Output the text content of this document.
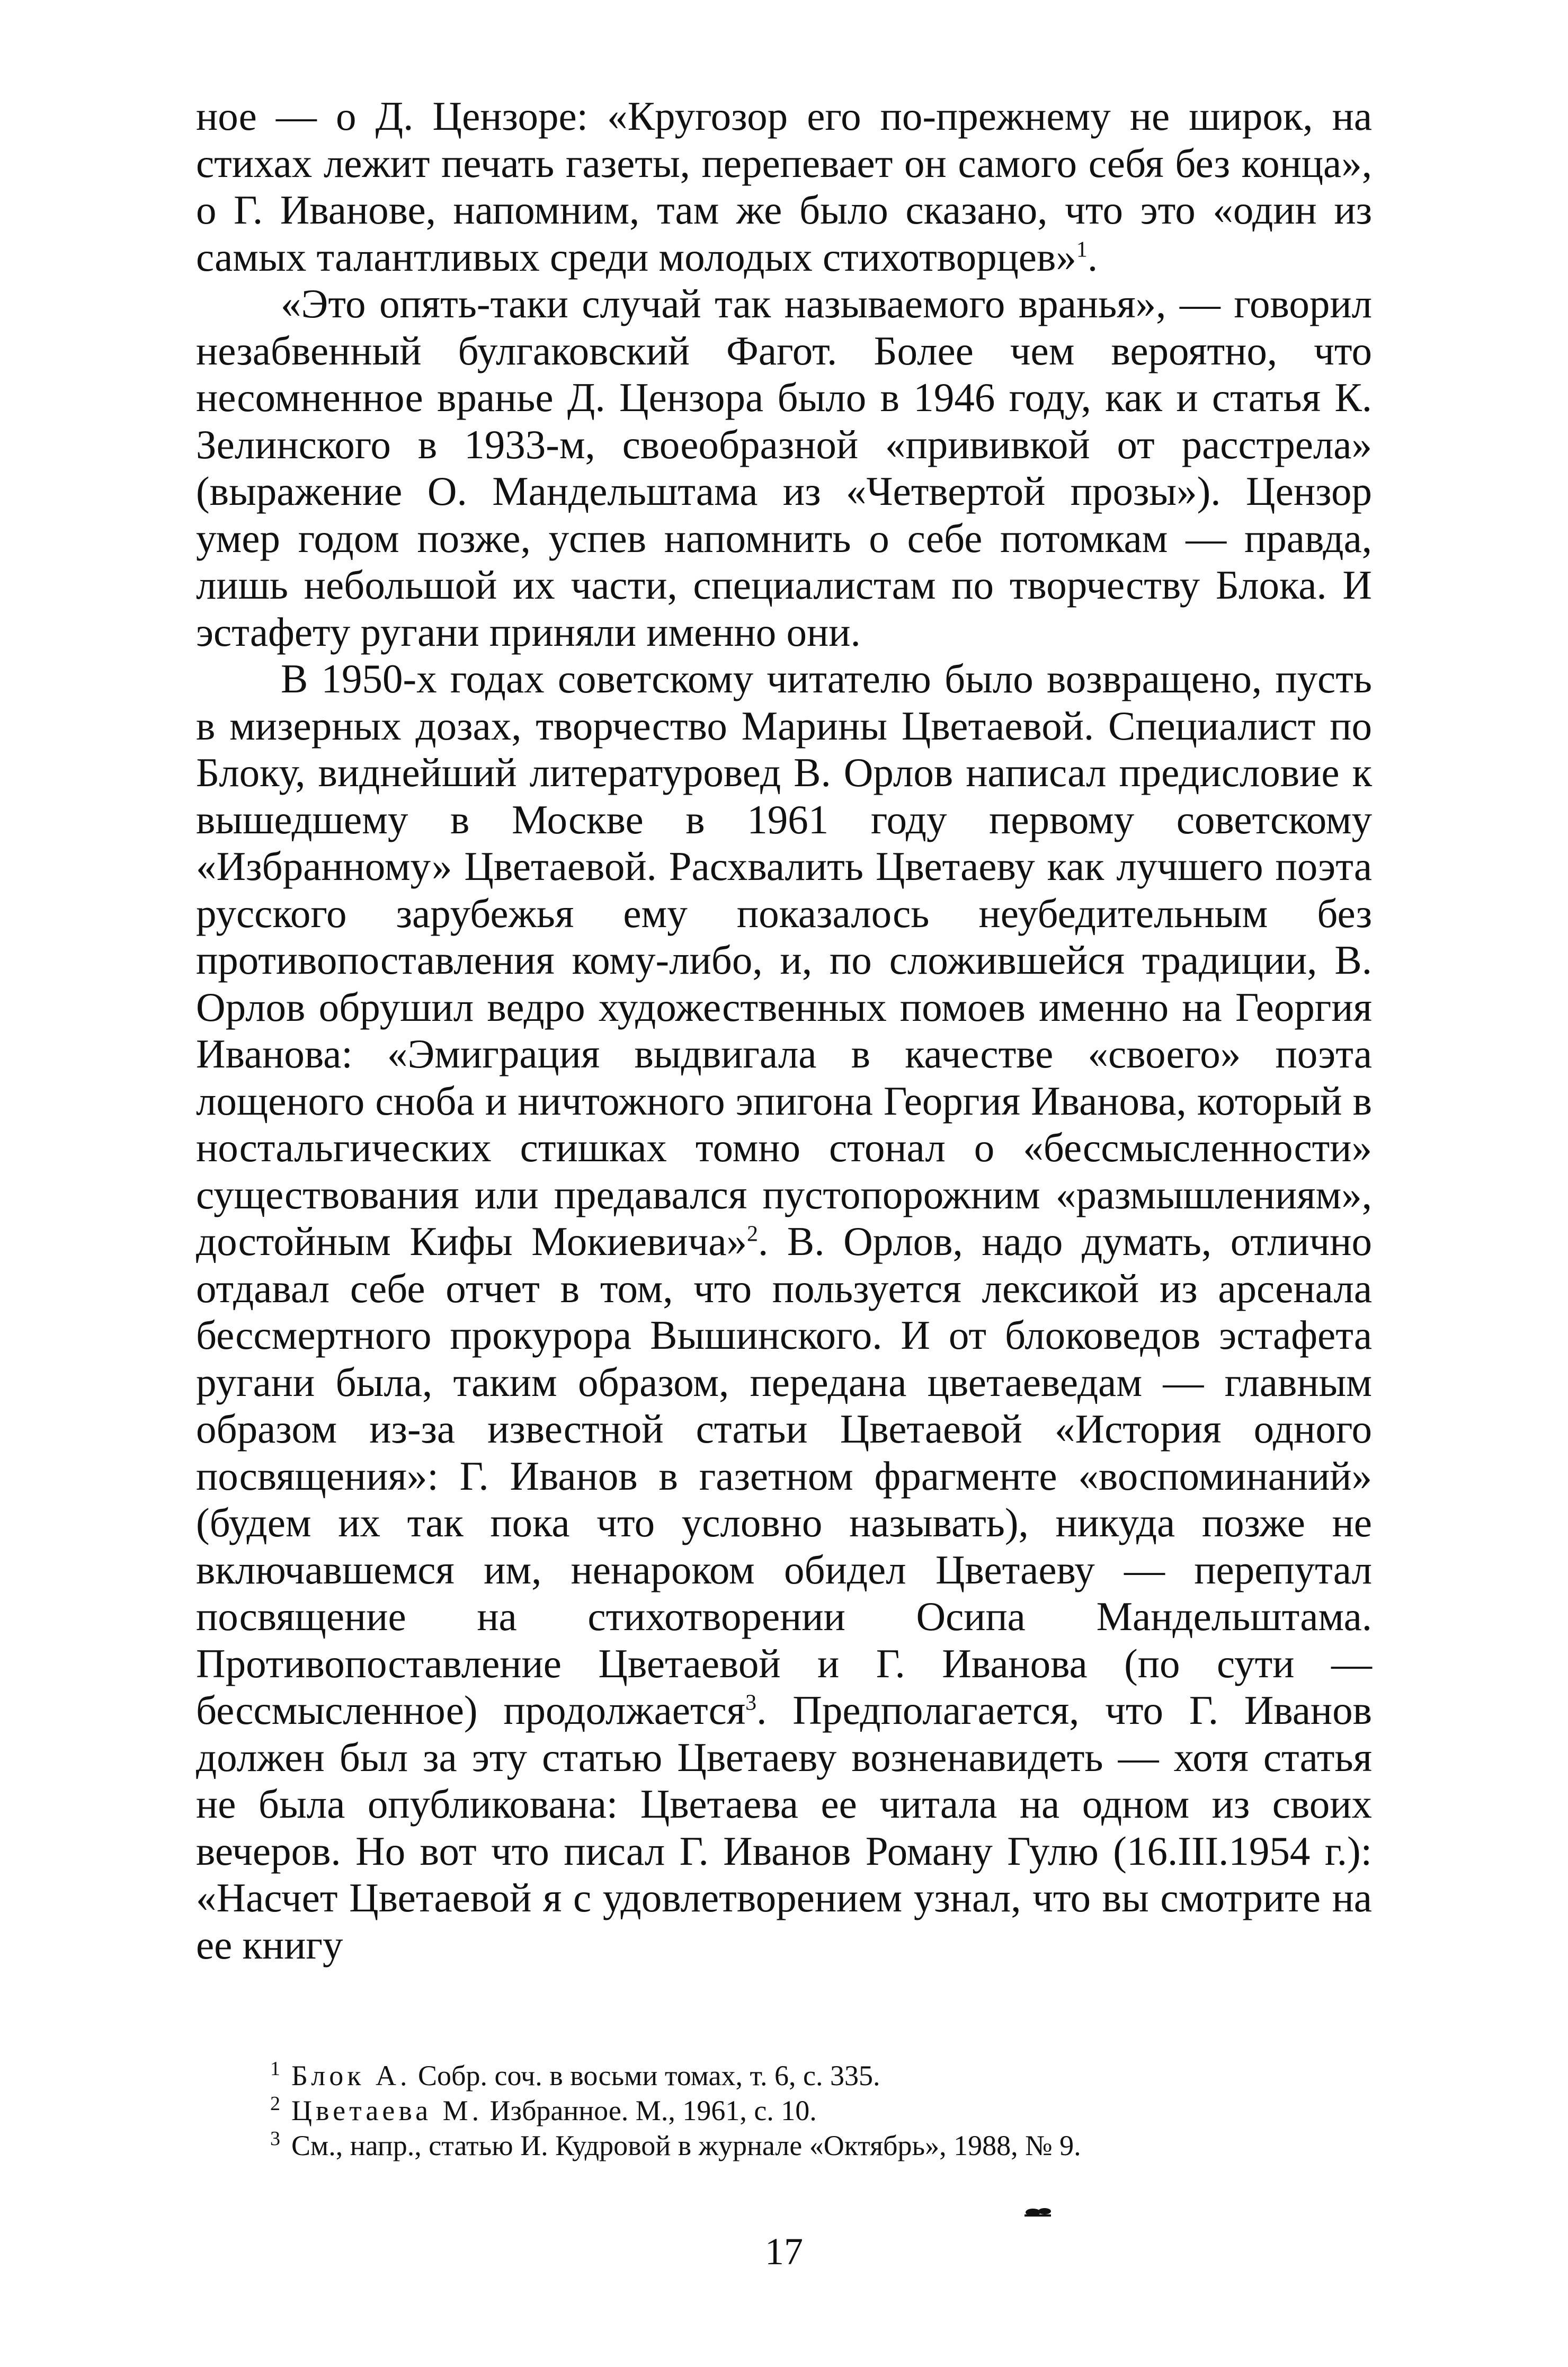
ное — о Д. Цензоре: «Кругозор его по-прежнему не широк, на стихах лежит печать газеты, перепевает он самого себя без конца», о Г. Иванове, напомним, там же было сказано, что это «один из самых талантливых среди молодых стихотворцев»$^1$.

«Это опять-таки случай так называемого вранья», — говорил незабвенный булгаковский Фагот. Более чем вероятно, что несомненное вранье Д. Цензора было в 1946 году, как и статья К. Зелинского в 1933-м, своеобразной «прививкой от расстрела» (выражение О. Мандельштама из «Четвертой прозы»). Цензор умер годом позже, успев напомнить о себе потомкам — правда, лишь небольшой их части, специалистам по творчеству Блока. И эстафету ругани приняли именно они.

В 1950-х годах советскому читателю было возвращено, пусть в мизерных дозах, творчество Марины Цветаевой. Специалист по Блоку, виднейший литературовед В. Орлов написал предисловие к вышедшему в Москве в 1961 году первому советскому «Избранному» Цветаевой. Расхвалить Цветаеву как лучшего поэта русского зарубежья ему показалось неубедительным без противопоставления кому-либо, и, по сложившейся традиции, В. Орлов обрушил ведро художественных помоев именно на Георгия Иванова: «Эмиграция выдвигала в качестве «своего» поэта лощеного сноба и ничтожного эпигона Георгия Иванова, который в ностальгических стишках томно стонал о «бессмысленности» существования или предавался пустопорожним «размышлениям», достойным Кифы Мокиевича»$^2$. В. Орлов, надо думать, отлично отдавал себе отчет в том, что пользуется лексикой из арсенала бессмертного прокурора Вышинского. И от блоковедов эстафета ругани была, таким образом, передана цветаеведам — главным образом из-за известной статьи Цветаевой «История одного посвящения»: Г. Иванов в газетном фрагменте «воспоминаний» (будем их так пока что условно называть), никуда позже не включавшемся им, ненароком обидел Цветаеву — перепутал посвящение на стихотворении Осипа Мандельштама. Противопоставление Цветаевой и Г. Иванова (по сути — бессмысленное) продолжается$^3$. Предполагается, что Г. Иванов должен был за эту статью Цветаеву возненавидеть — хотя статья не была опубликована: Цветаева ее читала на одном из своих вечеров. Но вот что писал Г. Иванов Роману Гулю (16.III.1954 г.): «Насчет Цветаевой я с удовлетворением узнал, что вы смотрите на ее книгу

1 Блок А. Собр. соч. в восьми томах, т. 6, с. 335.
2 Цветаева М. Избранное. М., 1961, с. 10.
3 См., напр., статью И. Кудровой в журнале «Октябрь», 1988, № 9.
17
